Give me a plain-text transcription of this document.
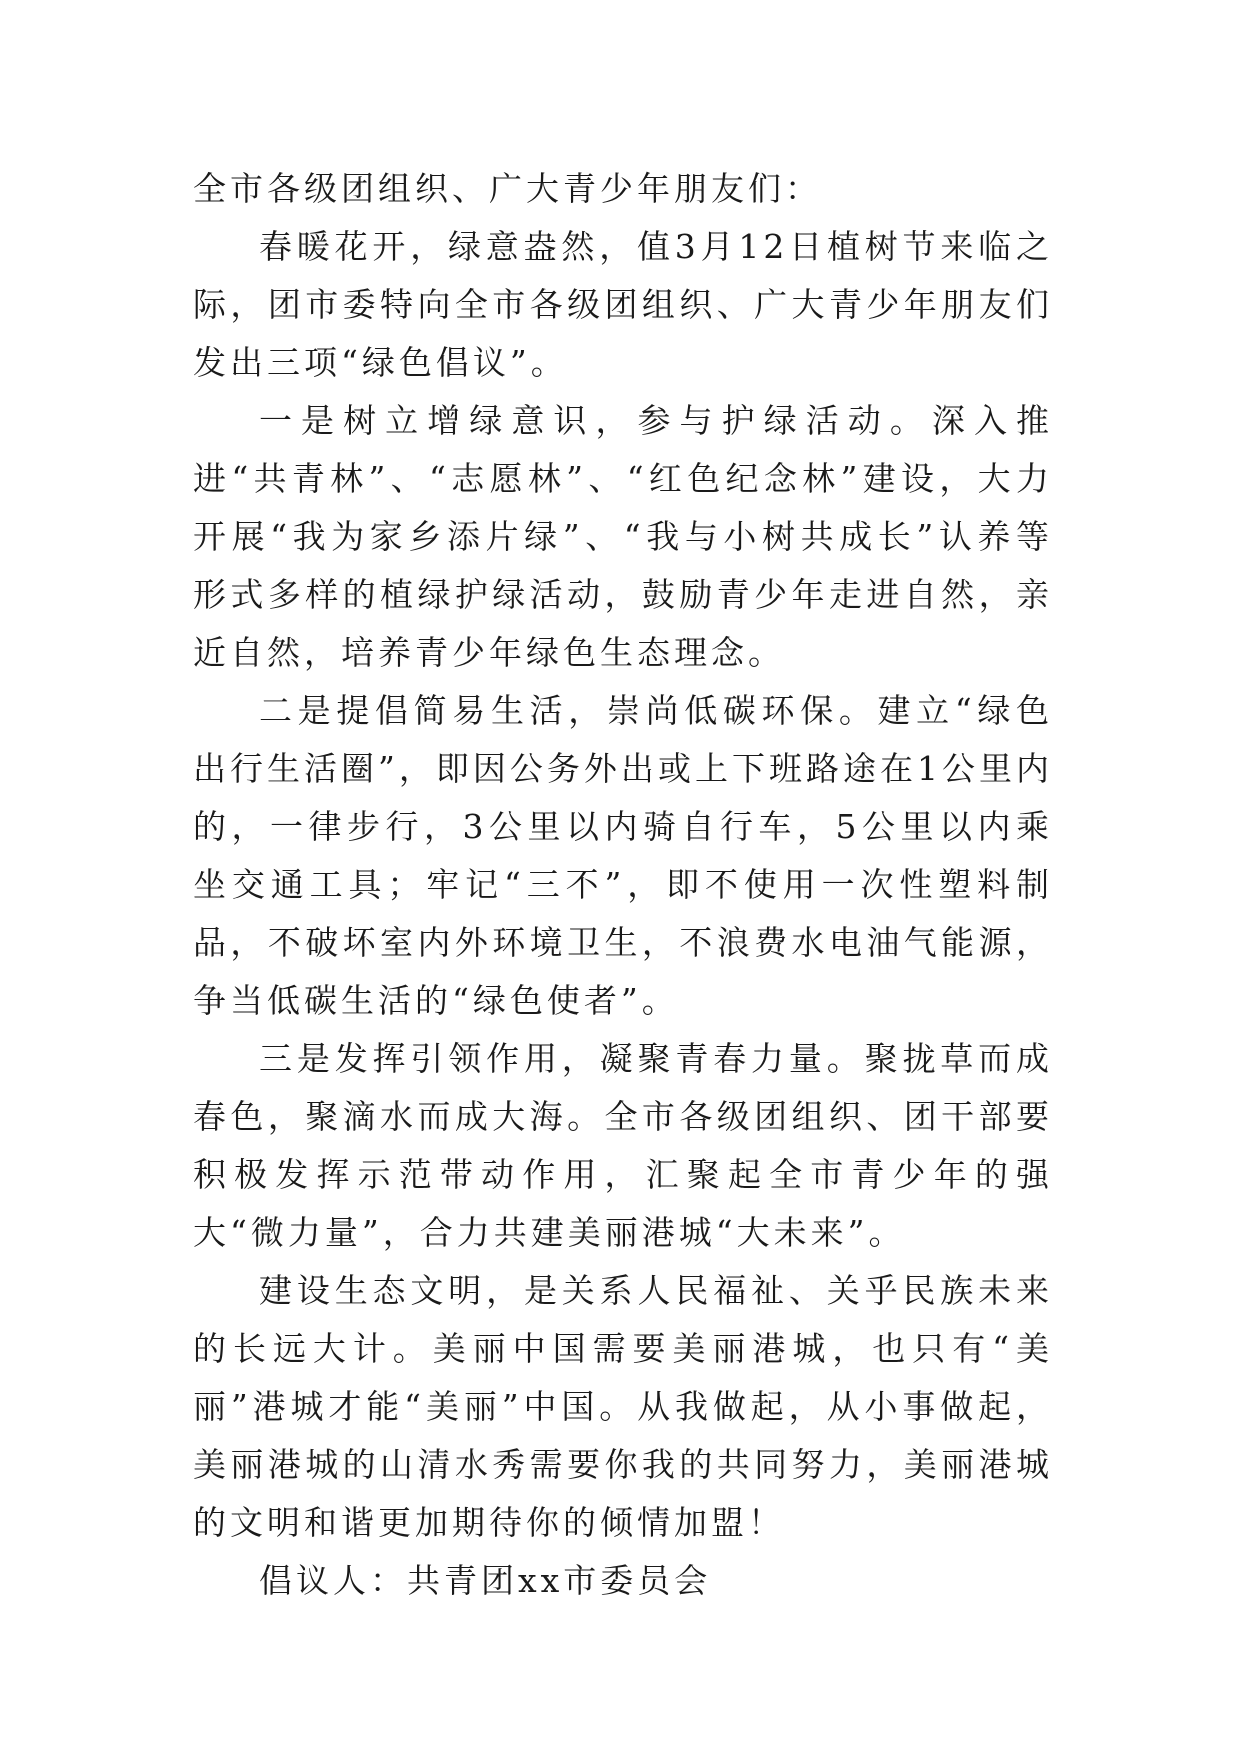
全市各级团组织、广大青少年朋友们：

春暖花开，绿意盎然，值3月12日植树节来临之际，团市委特向全市各级团组织、广大青少年朋友们发出三项“绿色倡议”。

一是树立增绿意识，参与护绿活动。深入推进“共青林”、“志愿林”、“红色纪念林”建设，大力开展“我为家乡添片绿”、“我与小树共成长”认养等形式多样的植绿护绿活动，鼓励青少年走进自然，亲近自然，培养青少年绿色生态理念。

二是提倡简易生活，崇尚低碳环保。建立“绿色出行生活圈”，即因公务外出或上下班路途在1公里内的，一律步行，3公里以内骑自行车，5公里以内乘坐交通工具；牢记“三不”，即不使用一次性塑料制品，不破坏室内外环境卫生，不浪费水电油气能源，争当低碳生活的“绿色使者”。

三是发挥引领作用，凝聚青春力量。聚拢草而成春色，聚滴水而成大海。全市各级团组织、团干部要积极发挥示范带动作用，汇聚起全市青少年的强大“微力量”，合力共建美丽港城“大未来”。

建设生态文明，是关系人民福祉、关乎民族未来的长远大计。美丽中国需要美丽港城，也只有“美丽”港城才能“美丽”中国。从我做起，从小事做起，美丽港城的山清水秀需要你我的共同努力，美丽港城的文明和谐更加期待你的倾情加盟！

倡议人：共青团xx市委员会
